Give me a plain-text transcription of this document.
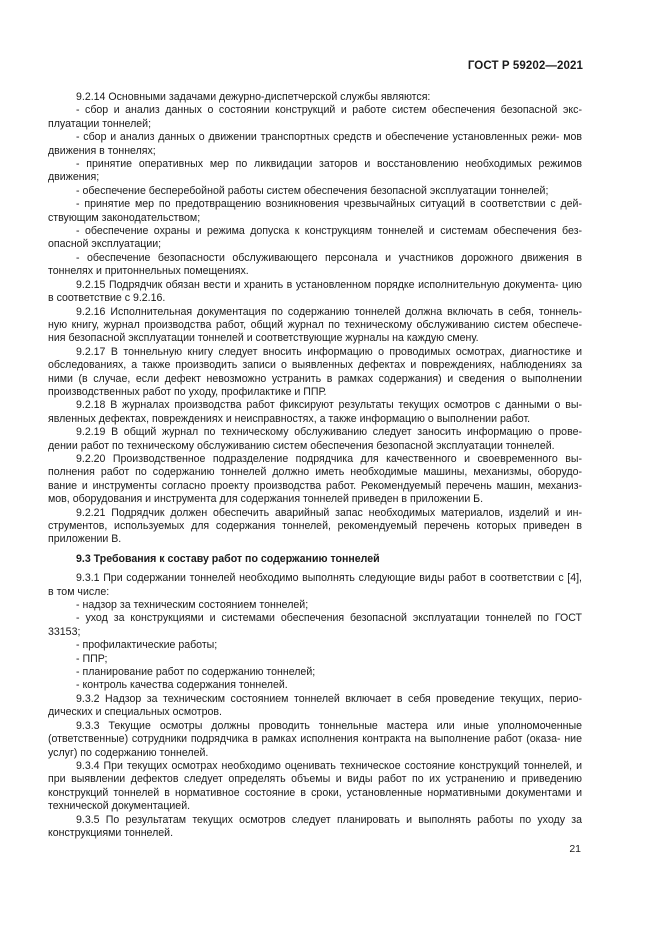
ГОСТ Р 59202—2021

9.2.14 Основными задачами дежурно-диспетчерской службы являются:

- сбор и анализ данных о состоянии конструкций и работе систем обеспечения безопасной экс- плуатации тоннелей;

- сбор и анализ данных о движении транспортных средств и обеспечение установленных режи- мов движения в тоннелях;

- принятие оперативных мер по ликвидации заторов и восстановлению необходимых режимов движения;

- обеспечение бесперебойной работы систем обеспечения безопасной эксплуатации тоннелей;

- принятие мер по предотвращению возникновения чрезвычайных ситуаций в соответствии с дей- ствующим законодательством;

- обеспечение охраны и режима допуска к конструкциям тоннелей и системам обеспечения без- опасной эксплуатации;

- обеспечение безопасности обслуживающего персонала и участников дорожного движения в тоннелях и притоннельных помещениях.

9.2.15 Подрядчик обязан вести и хранить в установленном порядке исполнительную документа- цию в соответствие с 9.2.16.

9.2.16 Исполнительная документация по содержанию тоннелей должна включать в себя, тоннель- ную книгу, журнал производства работ, общий журнал по техническому обслуживанию систем обеспече- ния безопасной эксплуатации тоннелей и соответствующие журналы на каждую смену.

9.2.17 В тоннельную книгу следует вносить информацию о проводимых осмотрах, диагностике и обследованиях, а также производить записи о выявленных дефектах и повреждениях, наблюдениях за ними (в случае, если дефект невозможно устранить в рамках содержания) и сведения о выполнении производственных работ по уходу, профилактике и ППР.

9.2.18 В журналах производства работ фиксируют результаты текущих осмотров с данными о вы- явленных дефектах, повреждениях и неисправностях, а также информацию о выполнении работ.

9.2.19 В общий журнал по техническому обслуживанию следует заносить информацию о прове- дении работ по техническому обслуживанию систем обеспечения безопасной эксплуатации тоннелей.

9.2.20 Производственное подразделение подрядчика для качественного и своевременного вы- полнения работ по содержанию тоннелей должно иметь необходимые машины, механизмы, оборудо- вание и инструменты согласно проекту производства работ. Рекомендуемый перечень машин, механиз- мов, оборудования и инструмента для содержания тоннелей приведен в приложении Б.

9.2.21 Подрядчик должен обеспечить аварийный запас необходимых материалов, изделий и ин- струментов, используемых для содержания тоннелей, рекомендуемый перечень которых приведен в приложении В.

9.3 Требования к составу работ по содержанию тоннелей

9.3.1 При содержании тоннелей необходимо выполнять следующие виды работ в соответствии с [4], в том числе:

- надзор за техническим состоянием тоннелей;

- уход за конструкциями и системами обеспечения безопасной эксплуатации тоннелей по ГОСТ 33153;

- профилактические работы;

- ППР;

- планирование работ по содержанию тоннелей;

- контроль качества содержания тоннелей.

9.3.2 Надзор за техническим состоянием тоннелей включает в себя проведение текущих, перио- дических и специальных осмотров.

9.3.3 Текущие осмотры должны проводить тоннельные мастера или иные уполномоченные (ответственные) сотрудники подрядчика в рамках исполнения контракта на выполнение работ (оказа- ние услуг) по содержанию тоннелей.

9.3.4 При текущих осмотрах необходимо оценивать техническое состояние конструкций тоннелей, и при выявлении дефектов следует определять объемы и виды работ по их устранению и приведению конструкций тоннелей в нормативное состояние в сроки, установленные нормативными документами и технической документацией.

9.3.5 По результатам текущих осмотров следует планировать и выполнять работы по уходу за конструкциями тоннелей.

21
